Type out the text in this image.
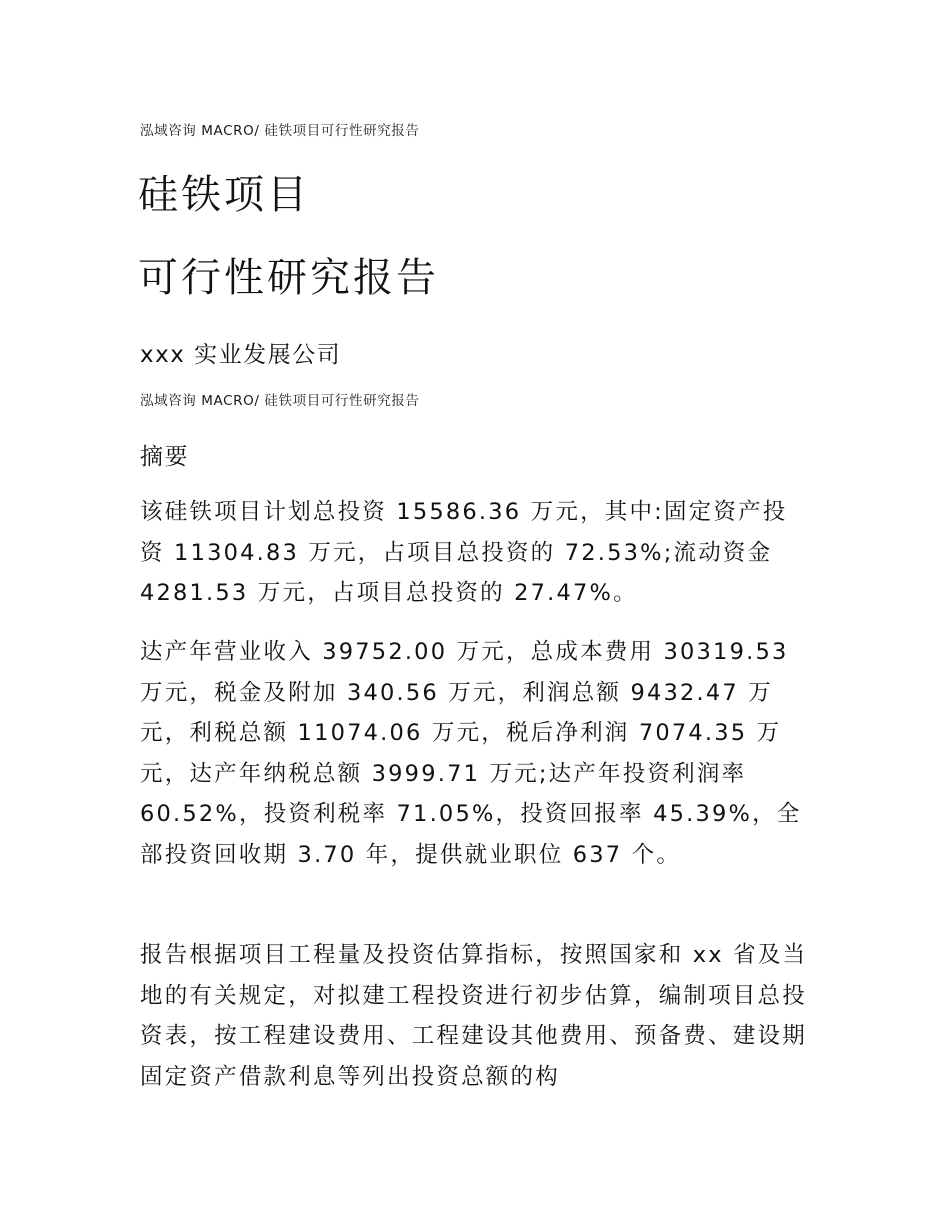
泓域咨询 MACRO/ 硅铁项目可行性研究报告
硅铁项目
可行性研究报告
xxx 实业发展公司
泓域咨询 MACRO/ 硅铁项目可行性研究报告
摘要

该硅铁项目计划总投资 15586.36 万元，其中:固定资产投资 11304.83 万元，占项目总投资的 72.53%;流动资金 4281.53 万元，占项目总投资的 27.47%。

达产年营业收入 39752.00 万元，总成本费用 30319.53 万元，税金及附加 340.56 万元，利润总额 9432.47 万元，利税总额 11074.06 万元，税后净利润 7074.35 万元，达产年纳税总额 3999.71 万元;达产年投资利润率 60.52%，投资利税率 71.05%，投资回报率 45.39%，全部投资回收期 3.70 年，提供就业职位 637 个。

报告根据项目工程量及投资估算指标，按照国家和 xx 省及当地的有关规定，对拟建工程投资进行初步估算，编制项目总投资表，按工程建设费用、工程建设其他费用、预备费、建设期固定资产借款利息等列出投资总额的构
